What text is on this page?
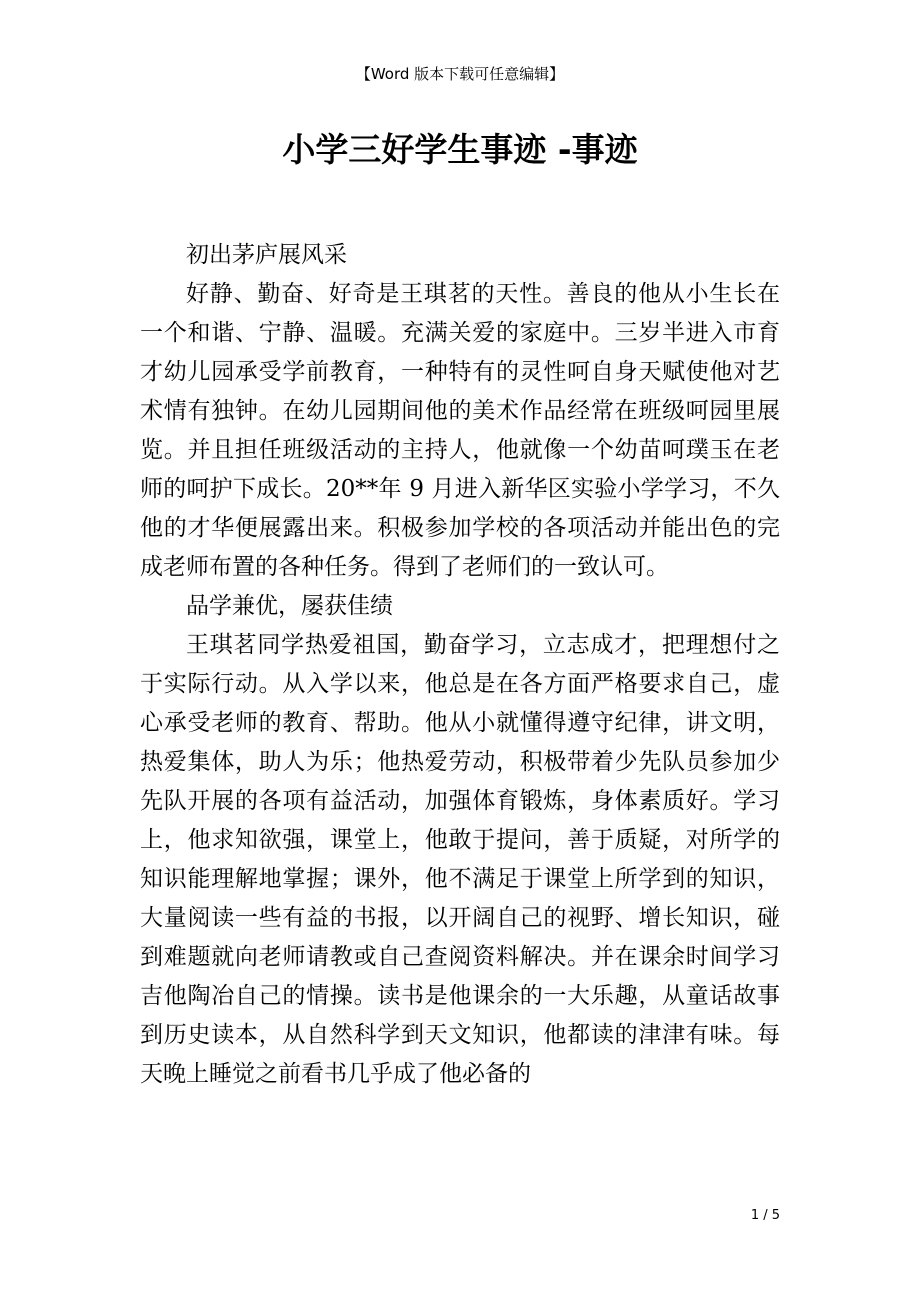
【Word 版本下载可任意编辑】
小学三好学生事迹 -事迹

初出茅庐展风采

好静、勤奋、好奇是王琪茗的天性。善良的他从小生长在一个和谐、宁静、温暖。充满关爱的家庭中。三岁半进入市育才幼儿园承受学前教育，一种特有的灵性呵自身天赋使他对艺术情有独钟。在幼儿园期间他的美术作品经常在班级呵园里展览。并且担任班级活动的主持人，他就像一个幼苗呵璞玉在老师的呵护下成长。20**年 9 月进入新华区实验小学学习，不久他的才华便展露出来。积极参加学校的各项活动并能出色的完成老师布置的各种任务。得到了老师们的一致认可。

品学兼优，屡获佳绩

王琪茗同学热爱祖国，勤奋学习，立志成才，把理想付之于实际行动。从入学以来，他总是在各方面严格要求自己，虚心承受老师的教育、帮助。他从小就懂得遵守纪律，讲文明，热爱集体，助人为乐；他热爱劳动，积极带着少先队员参加少先队开展的各项有益活动，加强体育锻炼，身体素质好。学习上，他求知欲强，课堂上，他敢于提问，善于质疑，对所学的知识能理解地掌握；课外，他不满足于课堂上所学到的知识，大量阅读一些有益的书报，以开阔自己的视野、增长知识，碰到难题就向老师请教或自己查阅资料解决。并在课余时间学习吉他陶冶自己的情操。读书是他课余的一大乐趣，从童话故事到历史读本，从自然科学到天文知识，他都读的津津有味。每天晚上睡觉之前看书几乎成了他必备的

1 / 5
